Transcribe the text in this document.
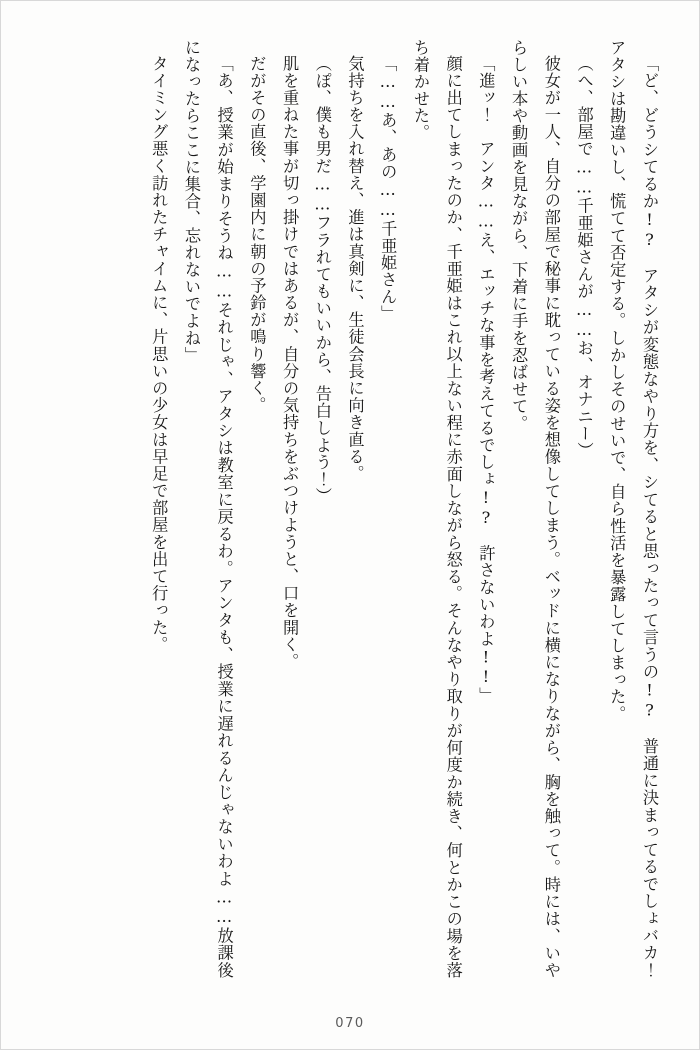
「ど、どうシてるか!?　アタシが変態なやり方を、シてると思ったって言うの!?　普通に決まってるでしょバカ！　アタシは勘違いし、慌てて否定する。しかしそのせいで、自ら性活を暴露してしまった。

（へ、部屋で……千亜姫さんが……お、オナニー）

彼女が一人、自分の部屋で秘事に耽っている姿を想像してしまう。ベッドに横になりながら、胸を触って。時には、いやらしい本や動画を見ながら、下着に手を忍ばせて。

「進ッ！　アンタ……え、エッチな事を考えてるでしょ!?　許さないわよ!!」

顔に出てしまったのか、千亜姫はこれ以上ない程に赤面しながら怒る。そんなやり取りが何度か続き、何とかこの場を落ち着かせた。

「……あ、あの……千亜姫さん」

気持ちを入れ替え、進は真剣に、生徒会長に向き直る。

（ぽ、僕も男だ……フラれてもいいから、告白しよう！）

肌を重ねた事が切っ掛けではあるが、自分の気持ちをぶつけようと、口を開く。

だがその直後、学園内に朝の予鈴が鳴り響く。

「あ、授業が始まりそうね……それじゃ、アタシは教室に戻るわ。アンタも、授業に遅れるんじゃないわよ……放課後になったらここに集合、忘れないでよね」

タイミング悪く訪れたチャイムに、片思いの少女は早足で部屋を出て行った。

070
